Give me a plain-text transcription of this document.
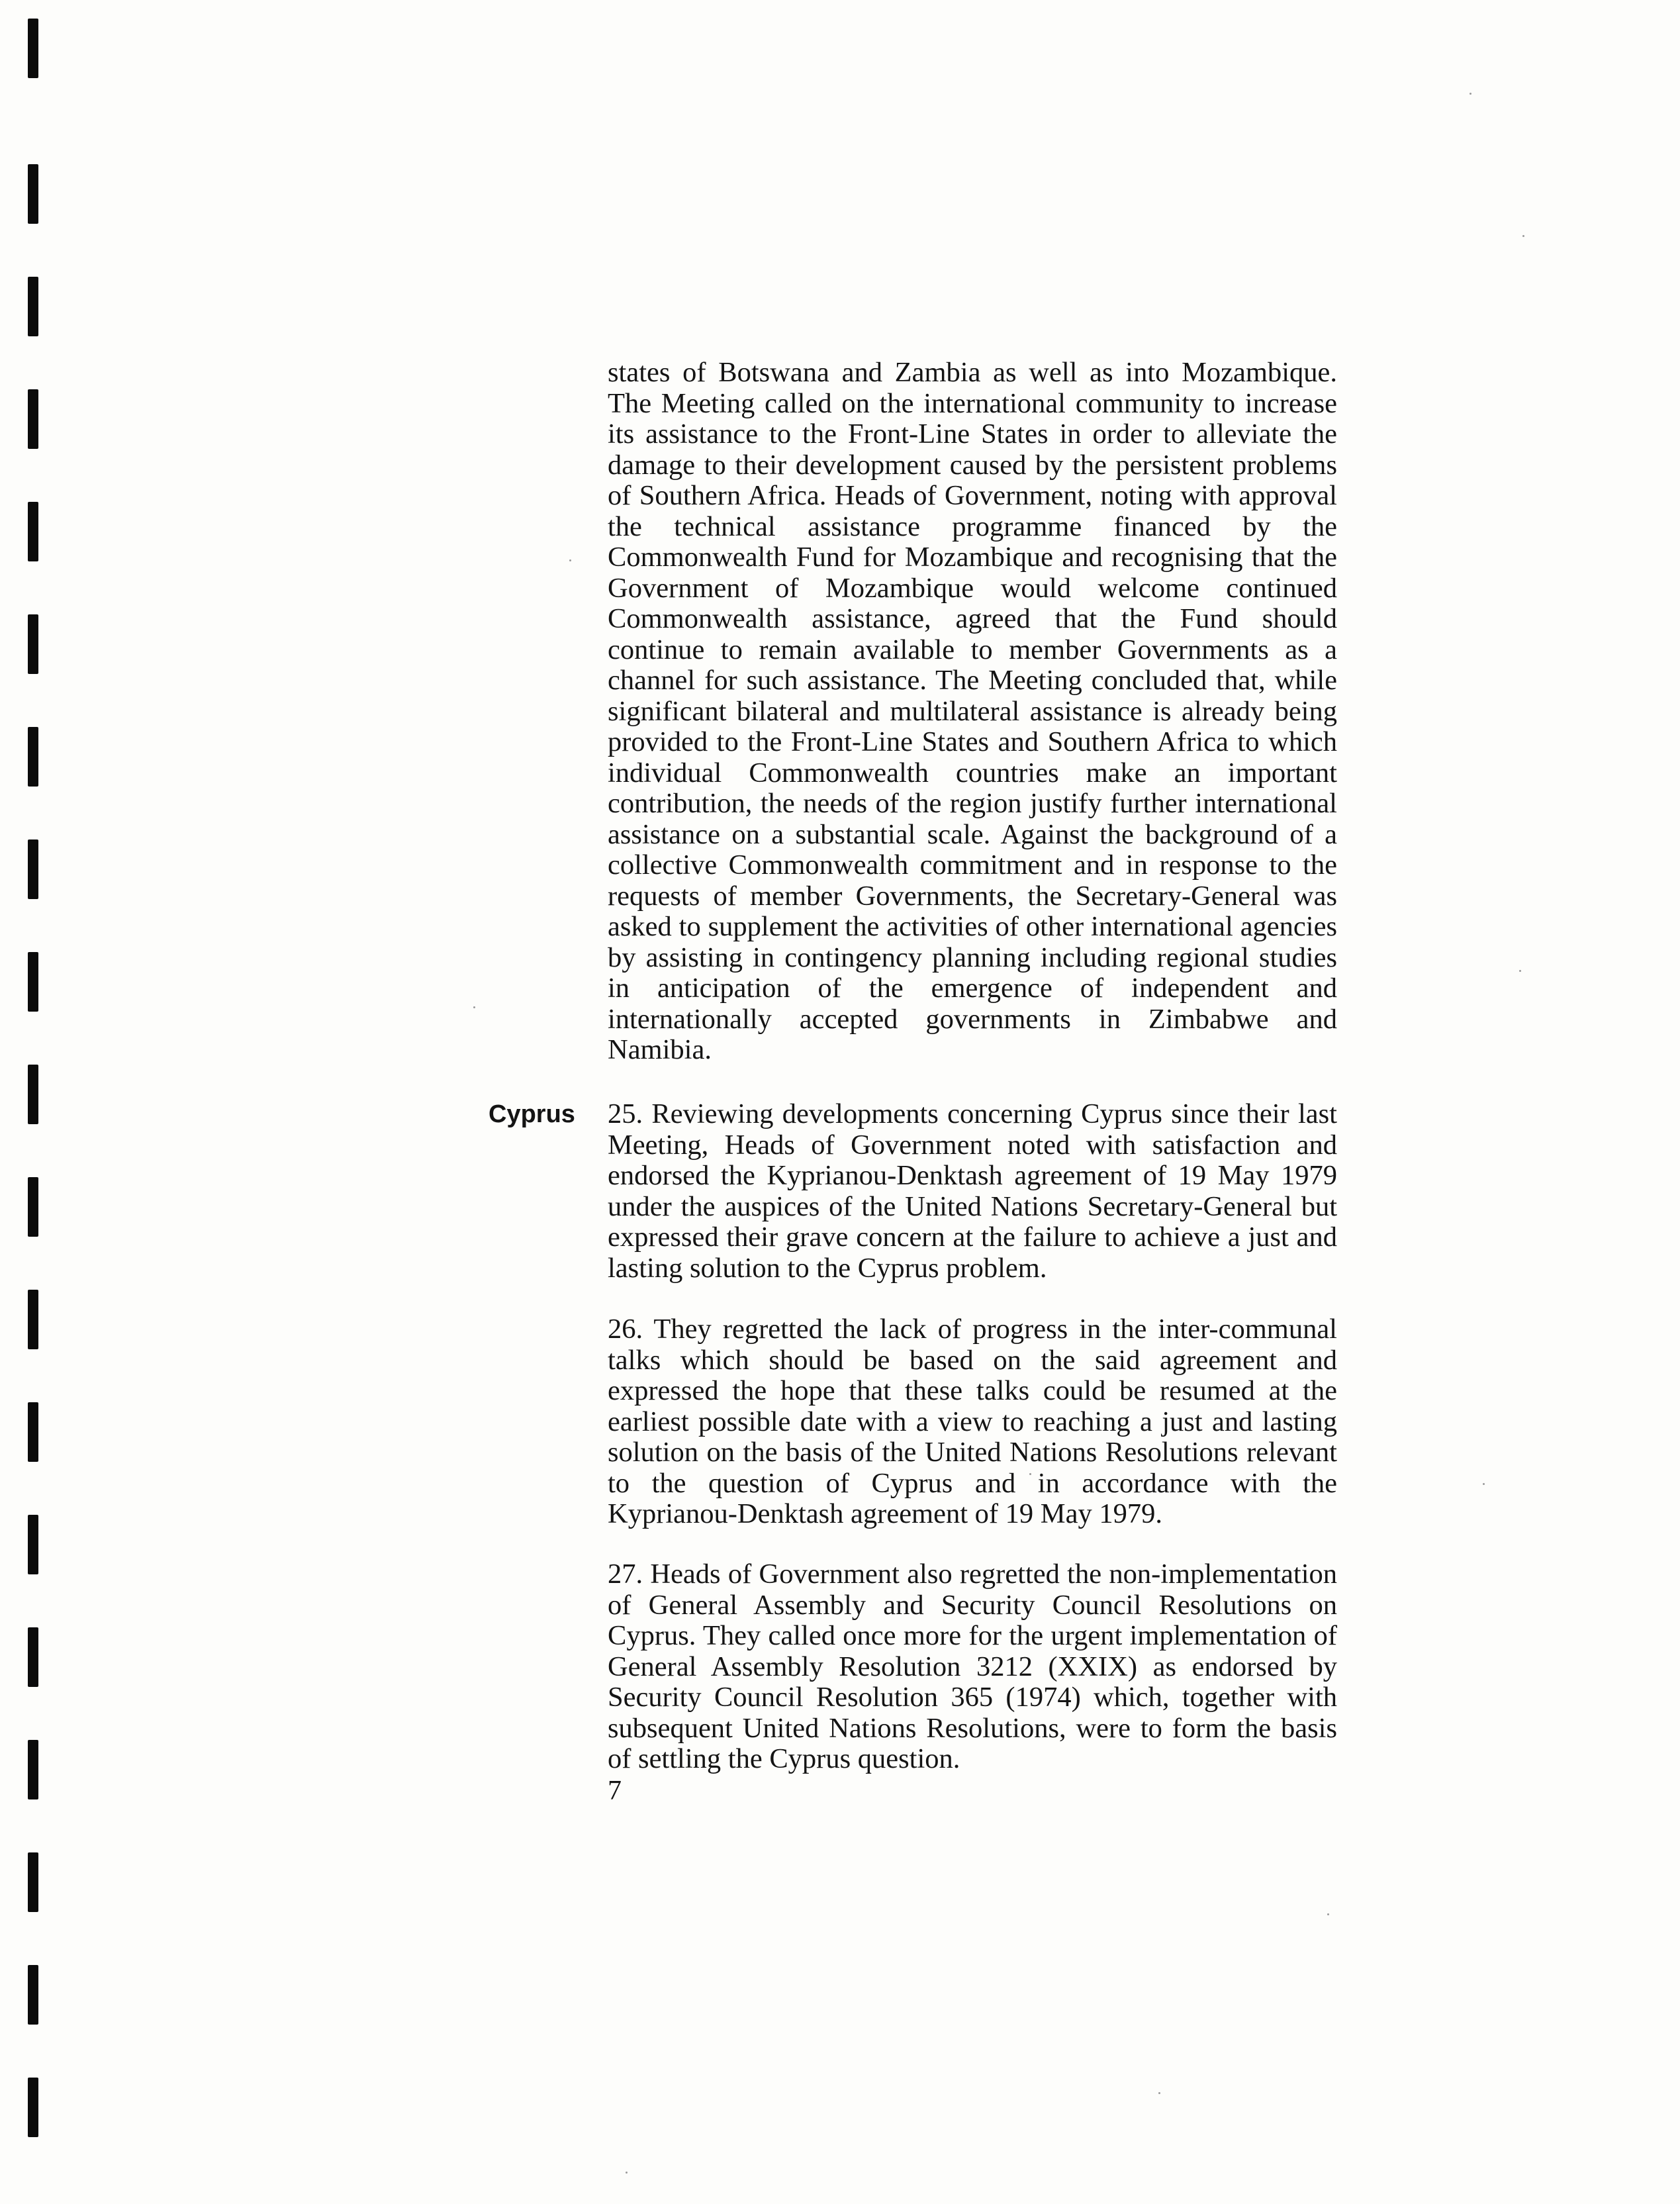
states of Botswana and Zambia as well as into Mozambique. The Meeting called on the international community to increase its assistance to the Front-Line States in order to alleviate the damage to their development caused by the persistent problems of Southern Africa. Heads of Government, noting with approval the technical assistance programme financed by the Commonwealth Fund for Mozambique and recognising that the Government of Mozambique would welcome continued Commonwealth assistance, agreed that the Fund should continue to remain available to member Governments as a channel for such assistance. The Meeting concluded that, while significant bilateral and multilateral assistance is already being provided to the Front-Line States and Southern Africa to which individual Commonwealth countries make an important contribution, the needs of the region justify further international assistance on a substantial scale. Against the background of a collective Commonwealth commitment and in response to the requests of member Governments, the Secretary-General was asked to supplement the activities of other international agencies by assisting in contingency planning including regional studies in anticipation of the emergence of independent and internationally accepted governments in Zimbabwe and Namibia.

Cyprus 25. Reviewing developments concerning Cyprus since their last Meeting, Heads of Government noted with satisfaction and endorsed the Kyprianou-Denktash agreement of 19 May 1979 under the auspices of the United Nations Secretary-General but expressed their grave concern at the failure to achieve a just and lasting solution to the Cyprus problem.

26. They regretted the lack of progress in the inter-communal talks which should be based on the said agreement and expressed the hope that these talks could be resumed at the earliest possible date with a view to reaching a just and lasting solution on the basis of the United Nations Resolutions relevant to the question of Cyprus and in accordance with the Kyprianou-Denktash agreement of 19 May 1979.

27. Heads of Government also regretted the non-implementation of General Assembly and Security Council Resolutions on Cyprus. They called once more for the urgent implementation of General Assembly Resolution 3212 (XXIX) as endorsed by Security Council Resolution 365 (1974) which, together with subsequent United Nations Resolutions, were to form the basis of settling the Cyprus question.

7
